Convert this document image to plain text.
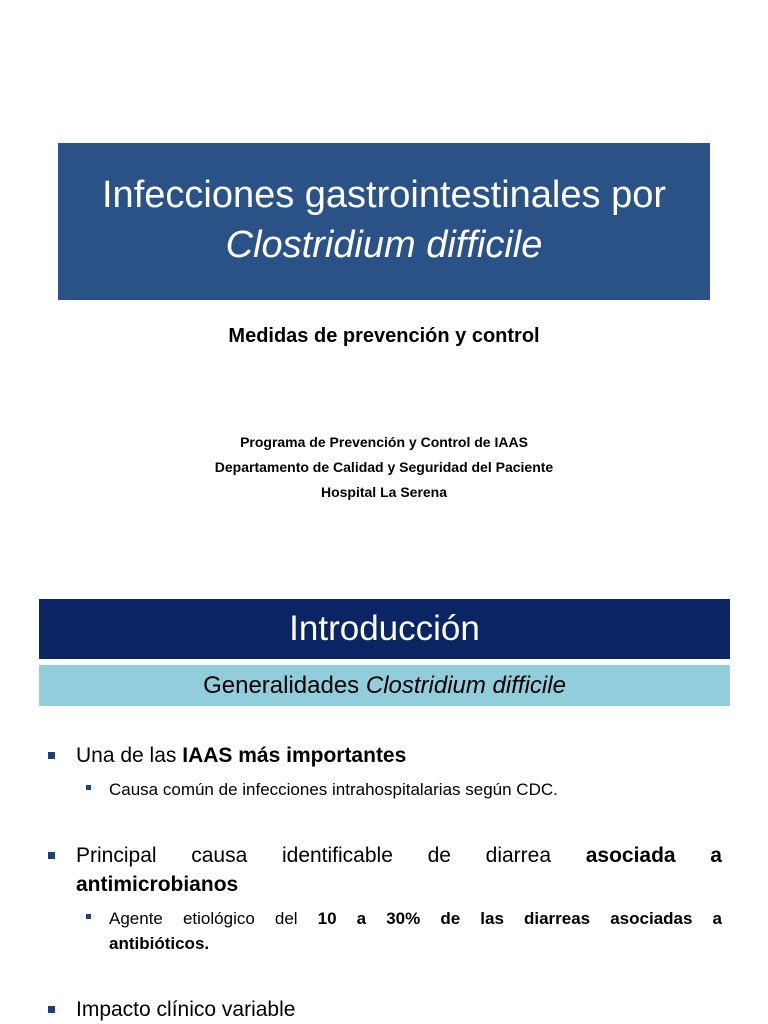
Infecciones gastrointestinales por
Clostridium difficile
Medidas de prevención y control
Programa de Prevención y Control de IAAS
Departamento de Calidad y Seguridad del Paciente
Hospital La Serena
Introducción
Generalidades Clostridium difficile
Una de las IAAS más importantes
Causa común de infecciones intrahospitalarias según CDC.
Principal causa identificable de diarrea asociada a
antimicrobianos
Agente etiológico del 10 a 30% de las diarreas asociadas a
antibióticos.
Impacto clínico variable
